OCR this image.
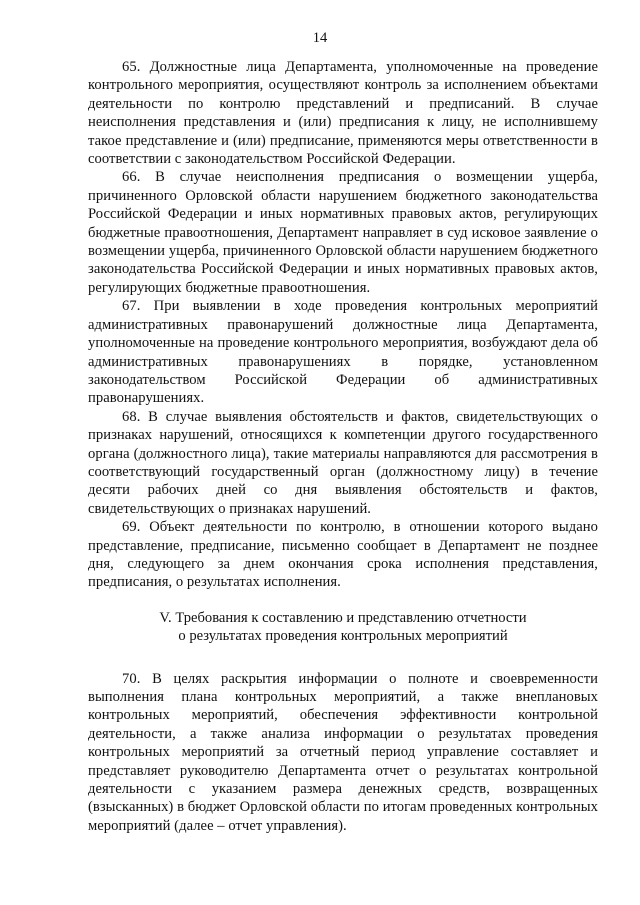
14

65. Должностные лица Департамента, уполномоченные на проведение контрольного мероприятия, осуществляют контроль за исполнением объектами деятельности по контролю представлений и предписаний. В случае неисполнения представления и (или) предписания к лицу, не исполнившему такое представление и (или) предписание, применяются меры ответственности в соответствии с законодательством Российской Федерации.

66. В случае неисполнения предписания о возмещении ущерба, причиненного Орловской области нарушением бюджетного законодательства Российской Федерации и иных нормативных правовых актов, регулирующих бюджетные правоотношения, Департамент направляет в суд исковое заявление о возмещении ущерба, причиненного Орловской области нарушением бюджетного законодательства Российской Федерации и иных нормативных правовых актов, регулирующих бюджетные правоотношения.

67. При выявлении в ходе проведения контрольных мероприятий административных правонарушений должностные лица Департамента, уполномоченные на проведение контрольного мероприятия, возбуждают дела об административных правонарушениях в порядке, установленном законодательством Российской Федерации об административных правонарушениях.

68. В случае выявления обстоятельств и фактов, свидетельствующих о признаках нарушений, относящихся к компетенции другого государственного органа (должностного лица), такие материалы направляются для рассмотрения в соответствующий государственный орган (должностному лицу) в течение десяти рабочих дней со дня выявления обстоятельств и фактов, свидетельствующих о признаках нарушений.

69. Объект деятельности по контролю, в отношении которого выдано представление, предписание, письменно сообщает в Департамент не позднее дня, следующего за днем окончания срока исполнения представления, предписания, о результатах исполнения.

V. Требования к составлению и представлению отчетности
о результатах проведения контрольных мероприятий

70. В целях раскрытия информации о полноте и своевременности выполнения плана контрольных мероприятий, а также внеплановых контрольных мероприятий, обеспечения эффективности контрольной деятельности, а также анализа информации о результатах проведения контрольных мероприятий за отчетный период управление составляет и представляет руководителю Департамента отчет о результатах контрольной деятельности с указанием размера денежных средств, возвращенных (взысканных) в бюджет Орловской области по итогам проведенных контрольных мероприятий (далее – отчет управления).
